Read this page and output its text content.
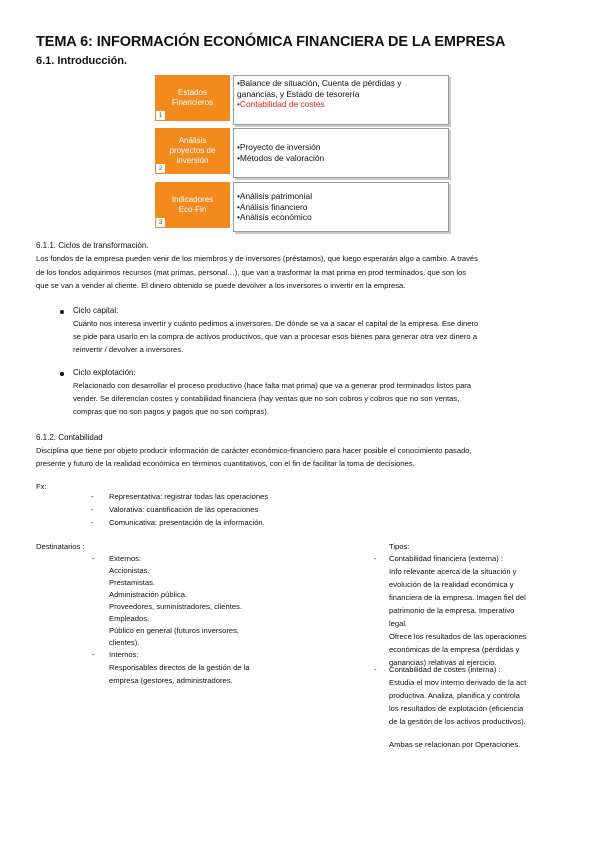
TEMA 6: INFORMACIÓN ECONÓMICA FINANCIERA DE LA EMPRESA
6.1. Introducción.
Estados Financieros
1
•Balance de situación, Cuenta de pérdidas y
ganancias, y Estado de tesorería
•Contabilidad de costes
Análisis proyectos de inversión
2
•Proyecto de inversión
•Métodos de valoración
Indicadores Eco-Fin
3
•Análisis patrimonial
•Análisis financiero
•Análisis económico
6.1.1. Ciclos de transformación.
Los fondos de la empresa pueden venir de los miembros y de inversores (préstamos), que luego esperarán algo a cambio. A través
de los fondos adquirimos recursos (mat primas, personal…), que van a trasformar la mat prima en prod terminados, que son los
que se van a vender al cliente. El dinero obtenido se puede devolver a los inversores o invertir en la empresa.
Ciclo capital:
Cuánto nos interesa invertir y cuánto pedimos a inversores. De dónde se va a sacar el capital de la empresa. Ese dinero
se pide para usarlo en la compra de activos productivos, que van a procesar esos bienes para generar otra vez dinero a
reinvertir / devolver a inversores.
Ciclo explotación:
Relacionado con desarrollar el proceso productivo (hace falta mat prima) que va a generar prod terminados listos para
vender. Se diferencian costes y contabilidad financiera (hay ventas que no son cobros y cobros que no son ventas,
compras que no son pagos y pagos que no son compras).
6.1.2. Contabilidad
Disciplina que tiene por objeto producir información de carácter económico-financiero para hacer posible el conocimiento pasado,
presente y futuro de la realidad económica en términos cuantitativos, con el fin de facilitar la toma de decisiones.
Fx:
- Representativa: registrar todas las operaciones
- Valorativa: cuantificación de las operaciones
- Comunicativa: presentación de la información.
Destinatarios :
- Externos:
Accionistas.
Prestamistas.
Administración pública.
Proveedores, suministradores, clientes.
Empleados.
Público en general (futuros inversores,
clientes).
- Internos:
Responsables directos de la gestión de la
empresa (gestores, administradores.
Tipos:
- Contabilidad financiera (externa) :
Info relevante acerca de la situación y
evolución de la realidad económica y
financiera de la empresa. Imagen fiel del
patrimonio de la empresa. Imperativo
legal.
Ofrece los resultados de las operaciones
económicas de la empresa (pérdidas y
ganancias) relativas al ejercicio.
- Contabilidad de costes (interna) :
Estudia el mov interno derivado de la act
productiva. Analiza, planifica y controla
los resultados de explotación (eficiencia
de la gestión de los activos productivos).
Ambas se relacionan por Operaciones.
